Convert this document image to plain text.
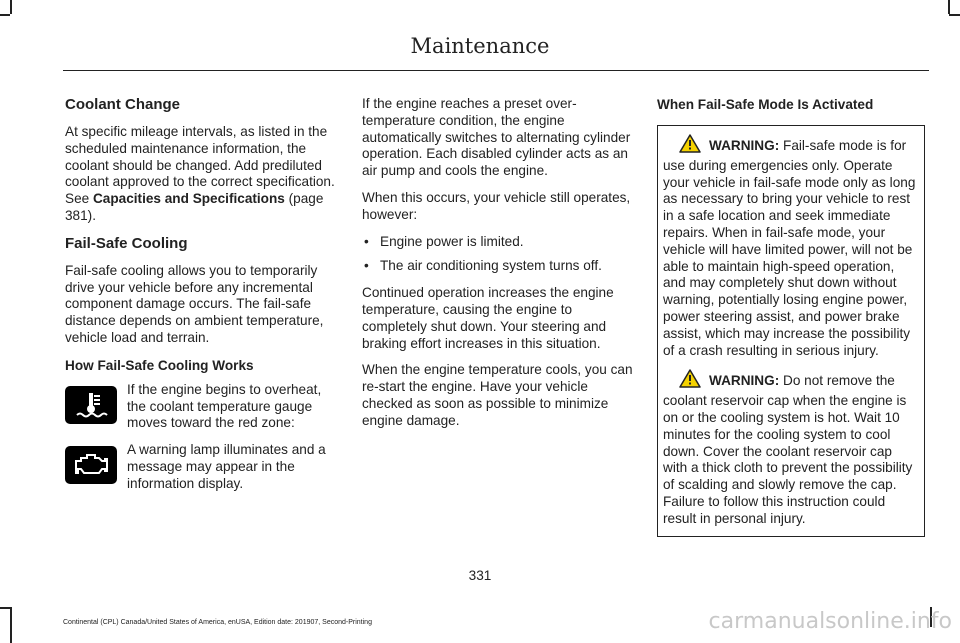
Maintenance
Coolant Change

At specific mileage intervals, as listed in the scheduled maintenance information, the coolant should be changed. Add prediluted coolant approved to the correct specification. See Capacities and Specifications (page 381).

Fail-Safe Cooling

Fail-safe cooling allows you to temporarily drive your vehicle before any incremental component damage occurs. The fail-safe distance depends on ambient temperature, vehicle load and terrain.

How Fail-Safe Cooling Works
If the engine begins to overheat, the coolant temperature gauge moves toward the red zone:
A warning lamp illuminates and a message may appear in the information display.

If the engine reaches a preset over-temperature condition, the engine automatically switches to alternating cylinder operation. Each disabled cylinder acts as an air pump and cools the engine.

When this occurs, your vehicle still operates, however:

• Engine power is limited.
• The air conditioning system turns off.

Continued operation increases the engine temperature, causing the engine to completely shut down. Your steering and braking effort increases in this situation.

When the engine temperature cools, you can re-start the engine. Have your vehicle checked as soon as possible to minimize engine damage.

When Fail-Safe Mode Is Activated

WARNING: Fail-safe mode is for use during emergencies only. Operate your vehicle in fail-safe mode only as long as necessary to bring your vehicle to rest in a safe location and seek immediate repairs. When in fail-safe mode, your vehicle will have limited power, will not be able to maintain high-speed operation, and may completely shut down without warning, potentially losing engine power, power steering assist, and power brake assist, which may increase the possibility of a crash resulting in serious injury.

WARNING: Do not remove the coolant reservoir cap when the engine is on or the cooling system is hot. Wait 10 minutes for the cooling system to cool down. Cover the coolant reservoir cap with a thick cloth to prevent the possibility of scalding and slowly remove the cap. Failure to follow this instruction could result in personal injury.

331
Continental (CPL) Canada/United States of America, enUSA, Edition date: 201907, Second-Printing	carmanualsonline.info
